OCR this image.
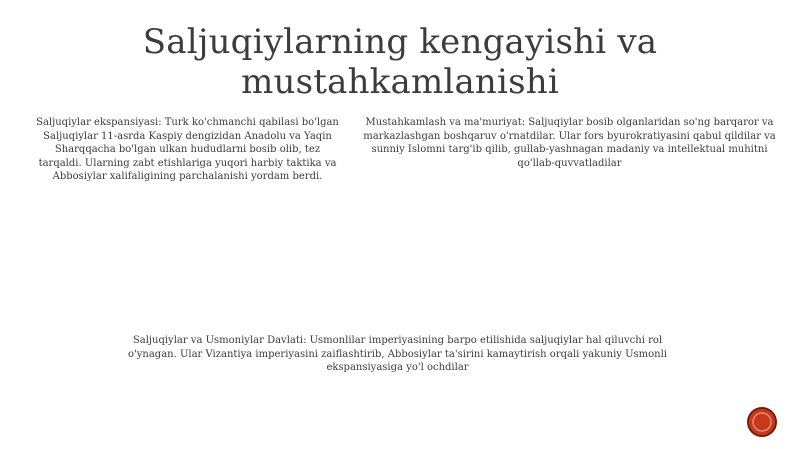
Saljuqiylarning kengayishi va mustahkamlanishi

Saljuqiylar ekspansiyasi: Turk ko'chmanchi qabilasi bo'lgan Saljuqiylar 11-asrda Kaspiy dengizidan Anadolu va Yaqin Sharqqacha bo'lgan ulkan hududlarni bosib olib, tez tarqaldi. Ularning zabt etishlariga yuqori harbiy taktika va Abbosiylar xalifaligining parchalanishi yordam berdi.

Mustahkamlash va ma'muriyat: Saljuqiylar bosib olganlaridan so'ng barqaror va markazlashgan boshqaruv o'rnatdilar. Ular fors byurokratiyasini qabul qildilar va sunniy Islomni targ'ib qilib, gullab-yashnagan madaniy va intellektual muhitni qo'llab-quvvatladilar

Saljuqiylar va Usmoniylar Davlati: Usmonlilar imperiyasining barpo etilishida saljuqiylar hal qiluvchi rol o'ynagan. Ular Vizantiya imperiyasini zaiflashtirib, Abbosiylar ta'sirini kamaytirish orqali yakuniy Usmonli ekspansiyasiga yo'l ochdilar
